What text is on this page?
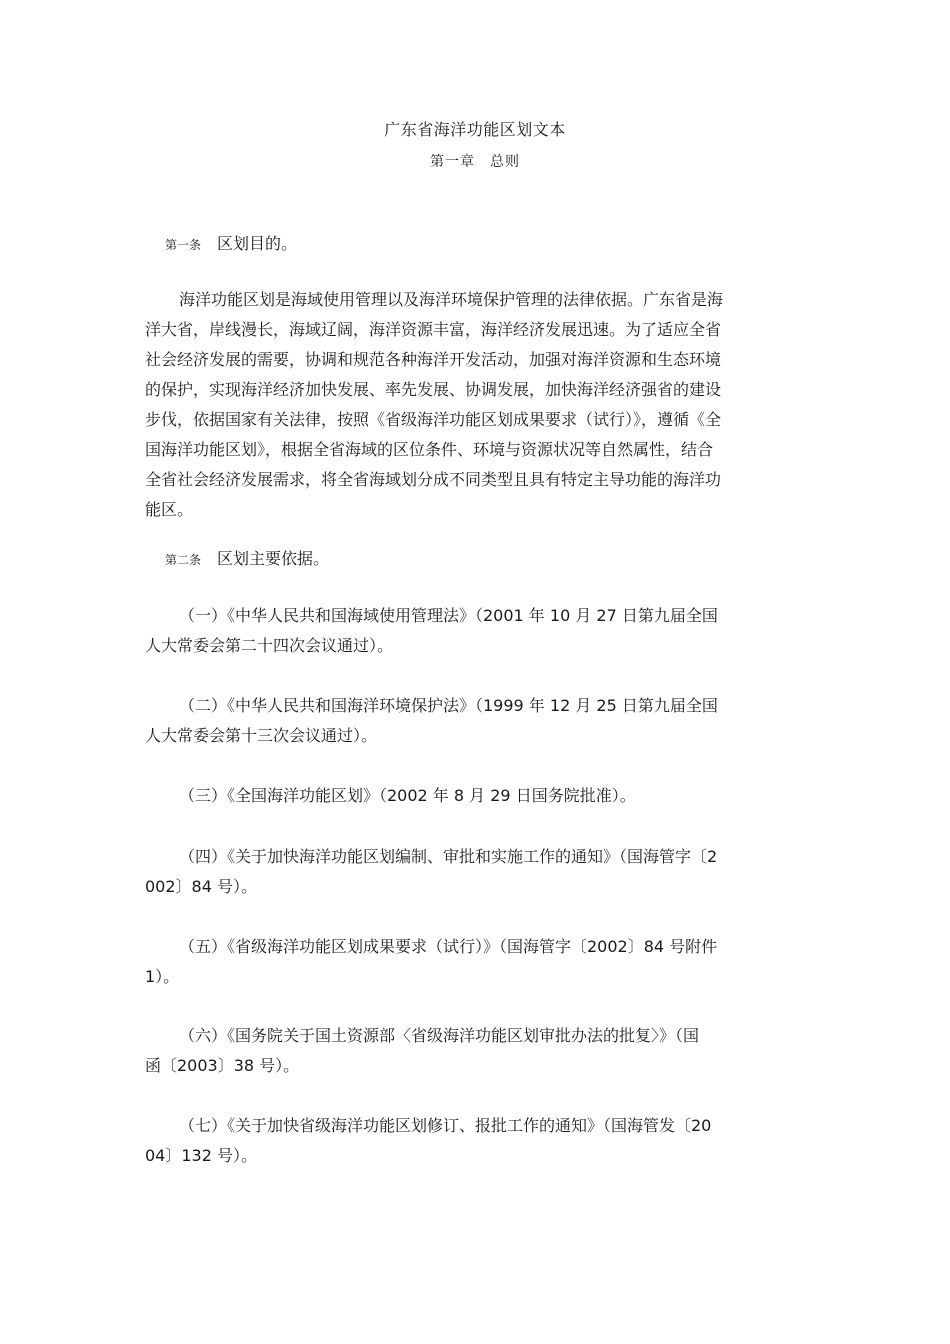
广东省海洋功能区划文本
第一章　总则
第一条 区划目的。
海洋功能区划是海域使用管理以及海洋环境保护管理的法律依据。广东省是海
洋大省，岸线漫长，海域辽阔，海洋资源丰富，海洋经济发展迅速。为了适应全省
社会经济发展的需要，协调和规范各种海洋开发活动，加强对海洋资源和生态环境
的保护，实现海洋经济加快发展、率先发展、协调发展，加快海洋经济强省的建设
步伐，依据国家有关法律，按照《省级海洋功能区划成果要求（试行）》，遵循《全
国海洋功能区划》，根据全省海域的区位条件、环境与资源状况等自然属性，结合
全省社会经济发展需求，将全省海域划分成不同类型且具有特定主导功能的海洋功
能区。
第二条 区划主要依据。
（一）《中华人民共和国海域使用管理法》（2001 年 10 月 27 日第九届全国
人大常委会第二十四次会议通过）。
（二）《中华人民共和国海洋环境保护法》（1999 年 12 月 25 日第九届全国
人大常委会第十三次会议通过）。
（三）《全国海洋功能区划》（2002 年 8 月 29 日国务院批准）。
（四）《关于加快海洋功能区划编制、审批和实施工作的通知》（国海管字〔2
002〕84 号）。
（五）《省级海洋功能区划成果要求（试行）》（国海管字〔2002〕84 号附件
1）。
（六）《国务院关于国土资源部〈省级海洋功能区划审批办法的批复〉》（国
函〔2003〕38 号）。
（七）《关于加快省级海洋功能区划修订、报批工作的通知》（国海管发〔20
04〕132 号）。
